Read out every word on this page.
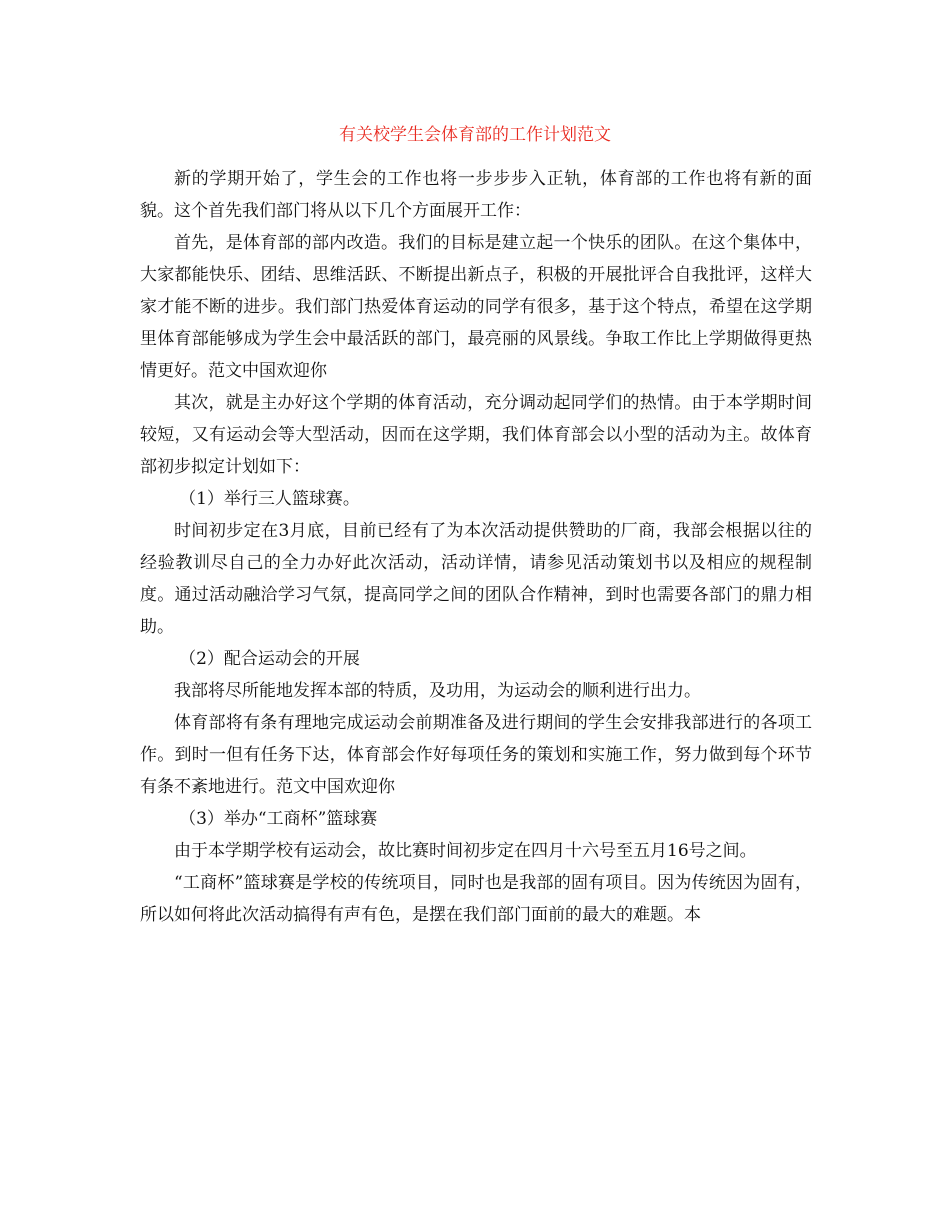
有关校学生会体育部的工作计划范文

新的学期开始了，学生会的工作也将一步步步入正轨，体育部的工作也将有新的面貌。这个首先我们部门将从以下几个方面展开工作：

首先，是体育部的部内改造。我们的目标是建立起一个快乐的团队。在这个集体中，大家都能快乐、团结、思维活跃、不断提出新点子，积极的开展批评合自我批评，这样大家才能不断的进步。我们部门热爱体育运动的同学有很多，基于这个特点，希望在这学期里体育部能够成为学生会中最活跃的部门，最亮丽的风景线。争取工作比上学期做得更热情更好。范文中国欢迎你

其次，就是主办好这个学期的体育活动，充分调动起同学们的热情。由于本学期时间较短，又有运动会等大型活动，因而在这学期，我们体育部会以小型的活动为主。故体育部初步拟定计划如下：

（1）举行三人篮球赛。

时间初步定在3月底，目前已经有了为本次活动提供赞助的厂商，我部会根据以往的经验教训尽自己的全力办好此次活动，活动详情，请参见活动策划书以及相应的规程制度。通过活动融洽学习气氛，提高同学之间的团队合作精神，到时也需要各部门的鼎力相助。

（2）配合运动会的开展

我部将尽所能地发挥本部的特质，及功用，为运动会的顺利进行出力。

体育部将有条有理地完成运动会前期准备及进行期间的学生会安排我部进行的各项工作。到时一但有任务下达，体育部会作好每项任务的策划和实施工作，努力做到每个环节有条不紊地进行。范文中国欢迎你

（3）举办“工商杯”篮球赛

由于本学期学校有运动会，故比赛时间初步定在四月十六号至五月16号之间。

“工商杯”篮球赛是学校的传统项目，同时也是我部的固有项目。因为传统因为固有，所以如何将此次活动搞得有声有色，是摆在我们部门面前的最大的难题。本
